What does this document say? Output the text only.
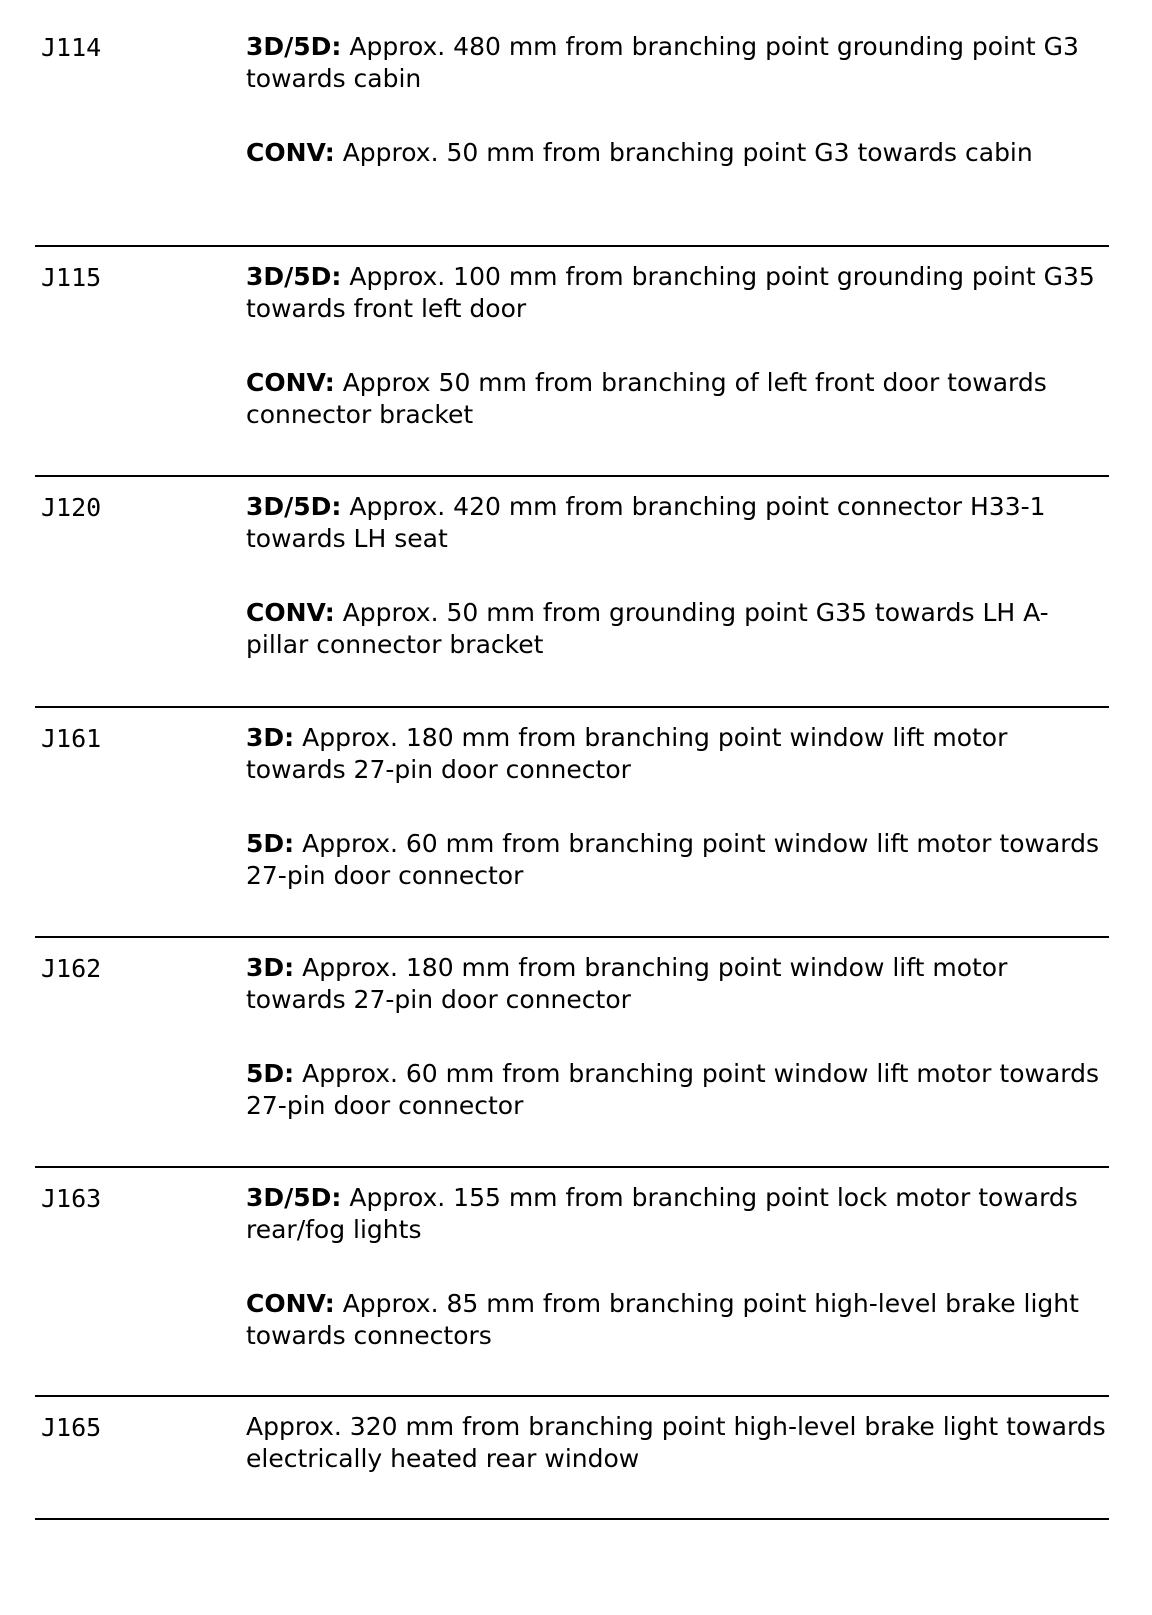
J114	3D/5D: Approx. 480 mm from branching point grounding point G3 towards cabin

CONV: Approx. 50 mm from branching point G3 towards cabin

J115	3D/5D: Approx. 100 mm from branching point grounding point G35 towards front left door

CONV: Approx 50 mm from branching of left front door towards connector bracket

J120	3D/5D: Approx. 420 mm from branching point connector H33-1 towards LH seat

CONV: Approx. 50 mm from grounding point G35 towards LH A-pillar connector bracket

J161	3D: Approx. 180 mm from branching point window lift motor towards 27-pin door connector

5D: Approx. 60 mm from branching point window lift motor towards 27-pin door connector

J162	3D: Approx. 180 mm from branching point window lift motor towards 27-pin door connector

5D: Approx. 60 mm from branching point window lift motor towards 27-pin door connector

J163	3D/5D: Approx. 155 mm from branching point lock motor towards rear/fog lights

CONV: Approx. 85 mm from branching point high-level brake light towards connectors

J165	Approx. 320 mm from branching point high-level brake light towards electrically heated rear window
